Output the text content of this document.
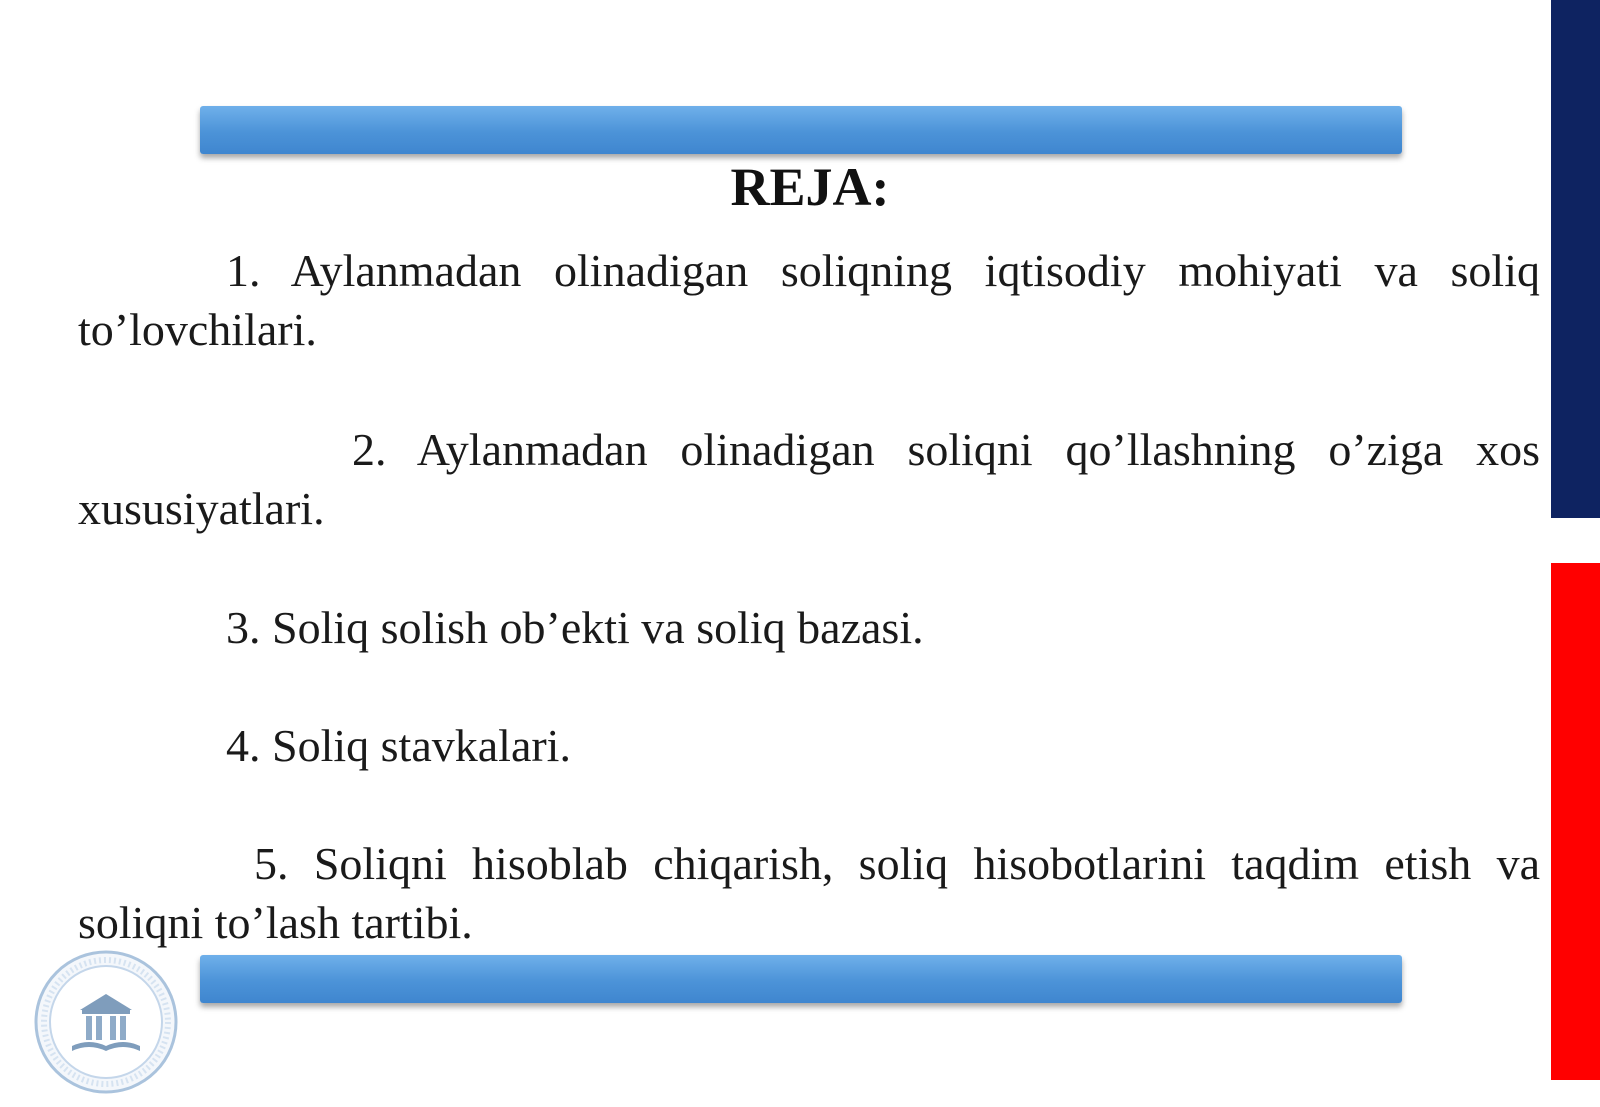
REJA:

1. Aylanmadan olinadigan soliqning iqtisodiy mohiyati va soliq to’lovchilari.

2. Aylanmadan olinadigan soliqni qo’llashning o’ziga xos xususiyatlari.

3. Soliq solish ob’ekti va soliq bazasi.

4. Soliq stavkalari.

5. Soliqni hisoblab chiqarish, soliq hisobotlarini taqdim etish va soliqni to’lash tartibi.
